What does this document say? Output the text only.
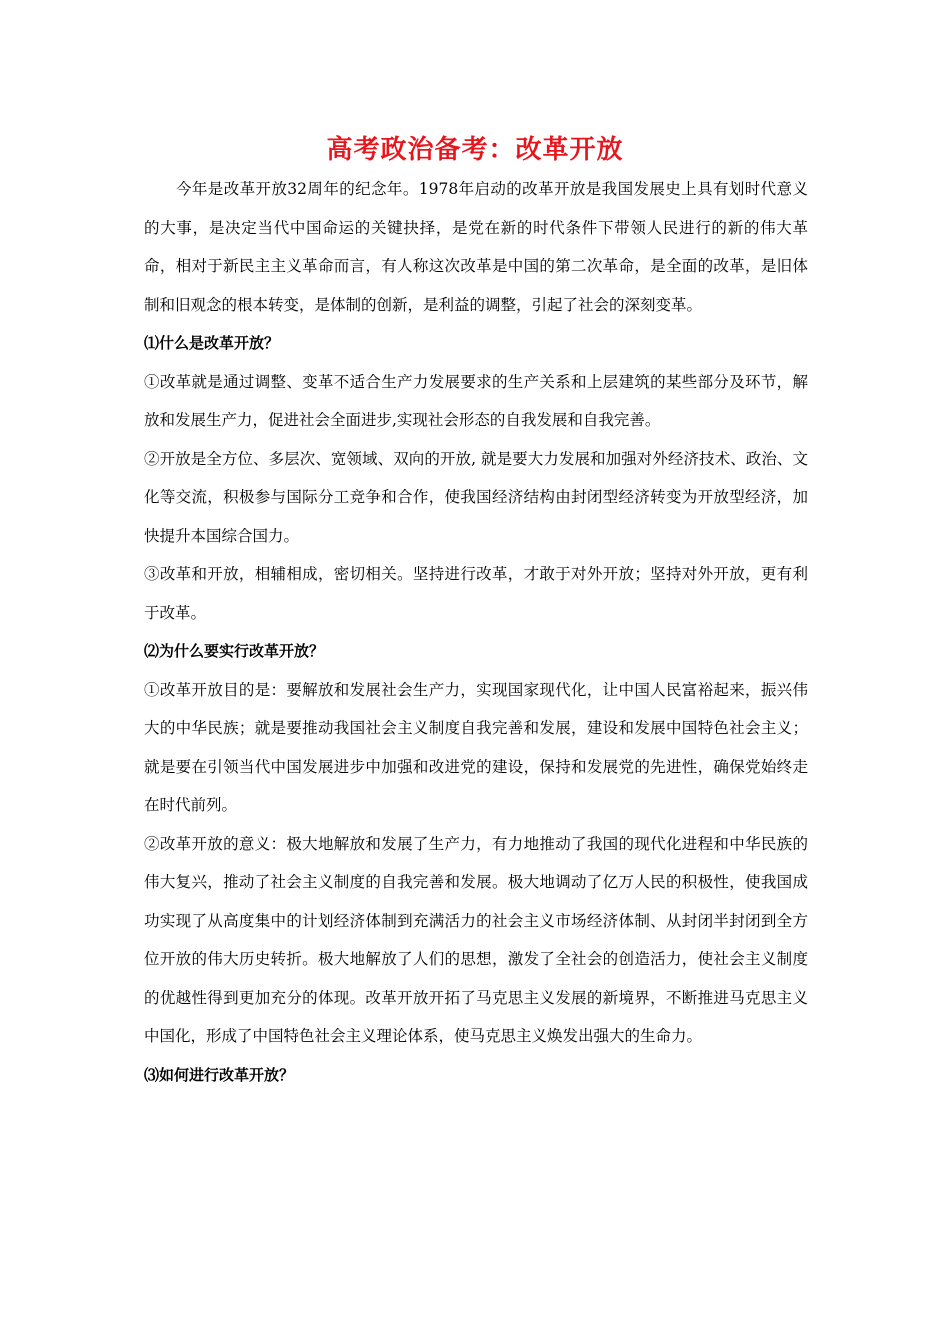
高考政治备考：改革开放

今年是改革开放32周年的纪念年。1978年启动的改革开放是我国发展史上具有划时代意义的大事，是决定当代中国命运的关键抉择，是党在新的时代条件下带领人民进行的新的伟大革命，相对于新民主主义革命而言，有人称这次改革是中国的第二次革命，是全面的改革，是旧体制和旧观念的根本转变，是体制的创新，是利益的调整，引起了社会的深刻变革。

⑴什么是改革开放？

①改革就是通过调整、变革不适合生产力发展要求的生产关系和上层建筑的某些部分及环节，解放和发展生产力，促进社会全面进步,实现社会形态的自我发展和自我完善。

②开放是全方位、多层次、宽领域、双向的开放, 就是要大力发展和加强对外经济技术、政治、文化等交流，积极参与国际分工竞争和合作，使我国经济结构由封闭型经济转变为开放型经济，加快提升本国综合国力。

③改革和开放，相辅相成，密切相关。坚持进行改革，才敢于对外开放；坚持对外开放，更有利于改革。

⑵为什么要实行改革开放？

①改革开放目的是：要解放和发展社会生产力，实现国家现代化，让中国人民富裕起来，振兴伟大的中华民族；就是要推动我国社会主义制度自我完善和发展，建设和发展中国特色社会主义；就是要在引领当代中国发展进步中加强和改进党的建设，保持和发展党的先进性，确保党始终走在时代前列。

②改革开放的意义：极大地解放和发展了生产力，有力地推动了我国的现代化进程和中华民族的伟大复兴，推动了社会主义制度的自我完善和发展。极大地调动了亿万人民的积极性，使我国成功实现了从高度集中的计划经济体制到充满活力的社会主义市场经济体制、从封闭半封闭到全方位开放的伟大历史转折。极大地解放了人们的思想，激发了全社会的创造活力，使社会主义制度的优越性得到更加充分的体现。改革开放开拓了马克思主义发展的新境界，不断推进马克思主义中国化，形成了中国特色社会主义理论体系，使马克思主义焕发出强大的生命力。

⑶如何进行改革开放？
